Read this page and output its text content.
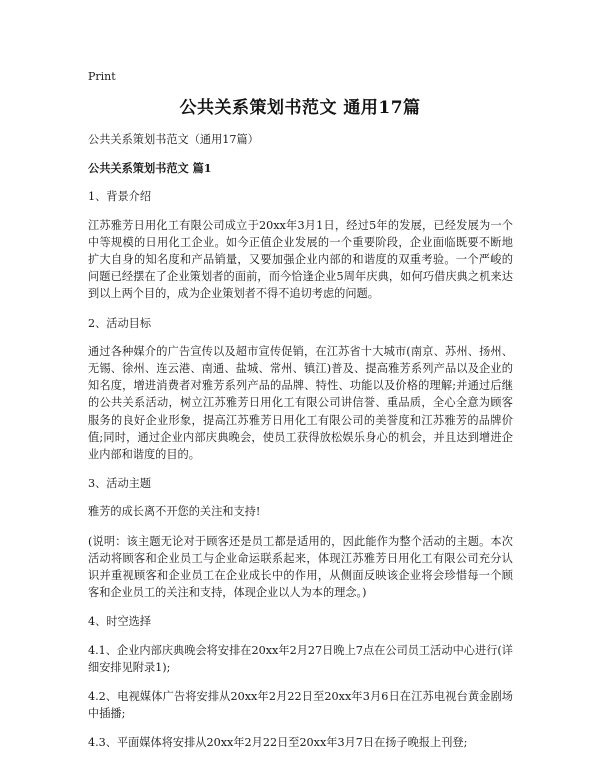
Print
公共关系策划书范文 通用17篇

公共关系策划书范文（通用17篇）

公共关系策划书范文 篇1

1、背景介绍

江苏雅芳日用化工有限公司成立于20xx年3月1日，经过5年的发展，已经发展为一个中等规模的日用化工企业。如今正值企业发展的一个重要阶段，企业面临既要不断地扩大自身的知名度和产品销量，又要加强企业内部的和谐度的双重考验。一个严峻的问题已经摆在了企业策划者的面前，而今恰逢企业5周年庆典，如何巧借庆典之机来达到以上两个目的，成为企业策划者不得不追切考虑的问题。

2、活动目标

通过各种媒介的广告宣传以及超市宣传促销，在江苏省十大城市(南京、苏州、扬州、无锡、徐州、连云港、南通、盐城、常州、镇江)普及、提高雅芳系列产品以及企业的知名度，增进消费者对雅芳系列产品的品牌、特性、功能以及价格的理解;并通过后继的公共关系活动，树立江苏雅芳日用化工有限公司讲信誉、重品质，全心全意为顾客服务的良好企业形象，提高江苏雅芳日用化工有限公司的美誉度和江苏雅芳的品牌价值;同时，通过企业内部庆典晚会，使员工获得放松娱乐身心的机会，并且达到增进企业内部和谐度的目的。

3、活动主题

雅芳的成长离不开您的关注和支持!

(说明：该主题无论对于顾客还是员工都是适用的，因此能作为整个活动的主题。本次活动将顾客和企业员工与企业命运联系起来，体现江苏雅芳日用化工有限公司充分认识并重视顾客和企业员工在企业成长中的作用，从侧面反映该企业将会珍惜每一个顾客和企业员工的关注和支持，体现企业以人为本的理念。)

4、时空选择

4.1、企业内部庆典晚会将安排在20xx年2月27日晚上7点在公司员工活动中心进行(详细安排见附录1);

4.2、电视媒体广告将安排从20xx年2月22日至20xx年3月6日在江苏电视台黄金剧场中插播;

4.3、平面媒体将安排从20xx年2月22日至20xx年3月7日在扬子晚报上刊登;
